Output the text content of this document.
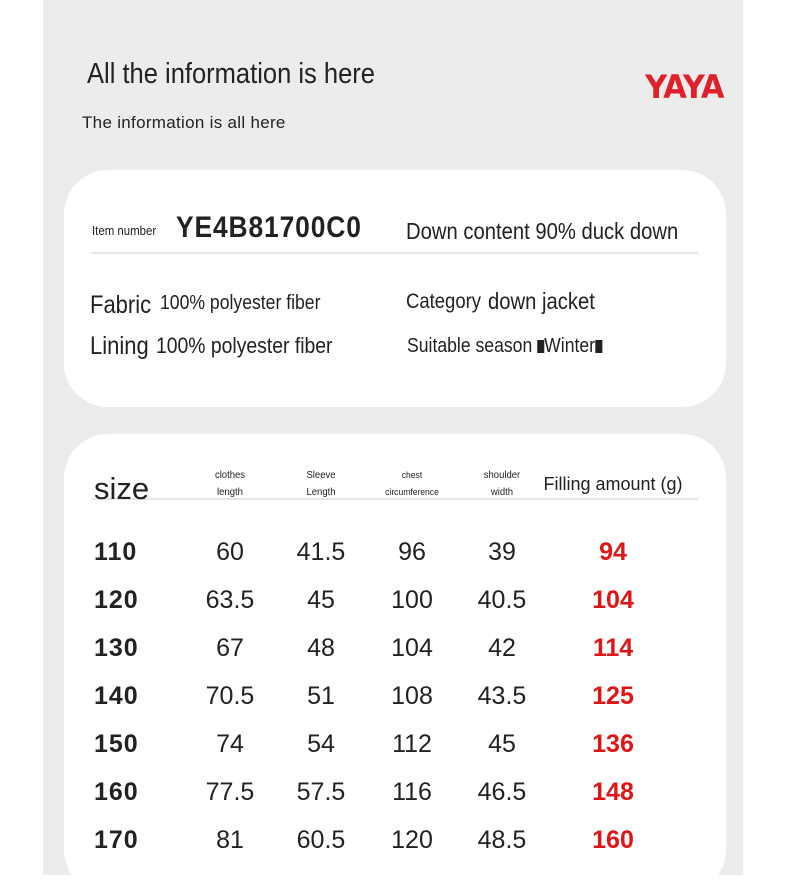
All the information is here
The information is all here
YAYA
Item number YE4B81700C0 Down content 90% duck down
Fabric 100% polyester fiber
Lining 100% polyester fiber
Category down jacket
Suitable season Winter
size	clothes length	Sleeve Length	chest circumference	shoulder width	Filling amount (g)
110	60	41.5	96	39	94
120	63.5	45	100	40.5	104
130	67	48	104	42	114
140	70.5	51	108	43.5	125
150	74	54	112	45	136
160	77.5	57.5	116	46.5	148
170	81	60.5	120	48.5	160
